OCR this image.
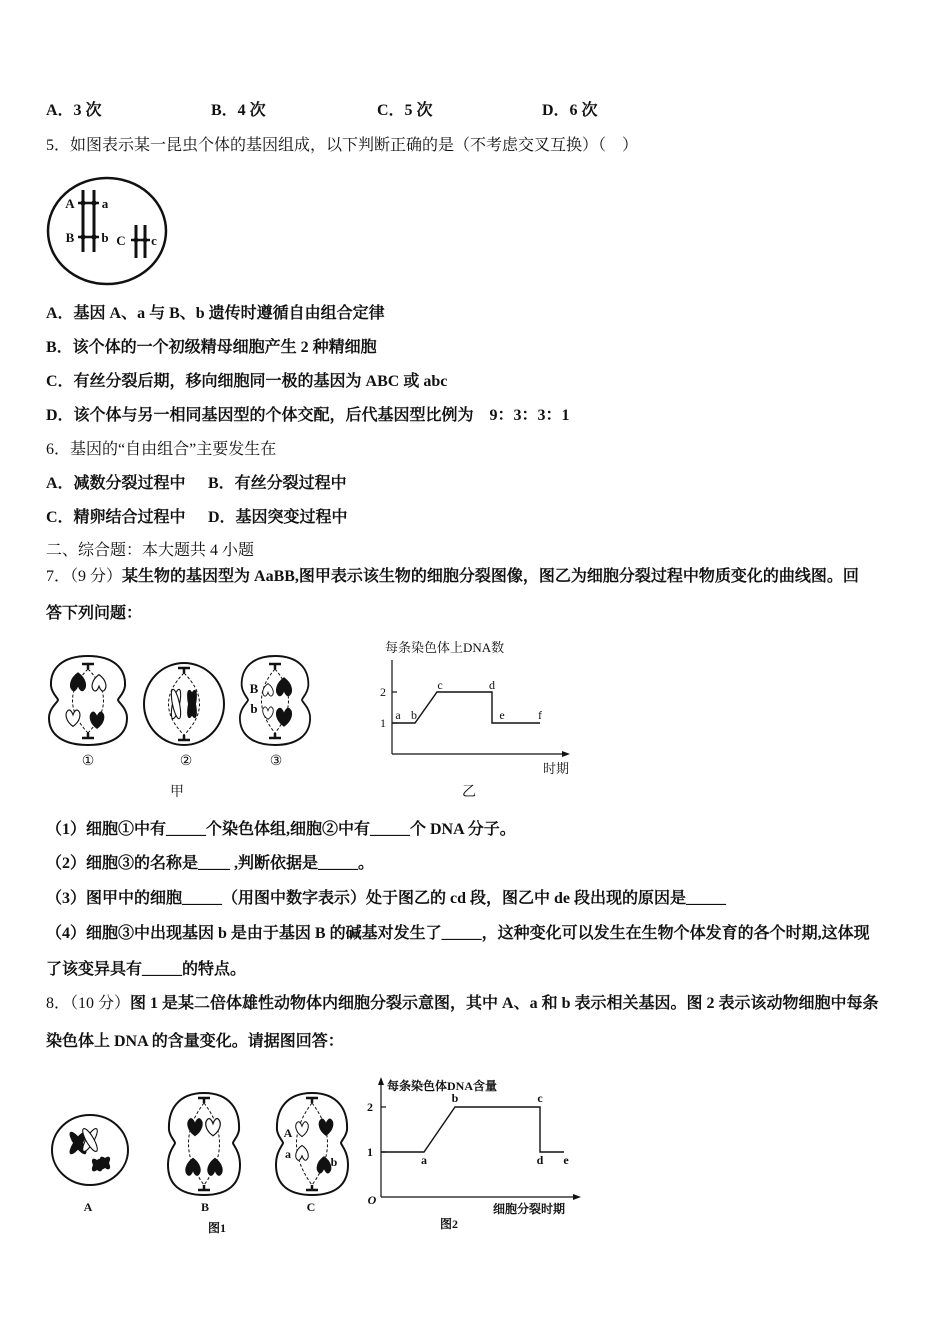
A．3 次	B．4 次	C．5 次	D．6 次
5．如图表示某一昆虫个体的基因组成，以下判断正确的是（不考虑交叉互换）（　）
A a
B b C c
A．基因 A、a 与 B、b 遗传时遵循自由组合定律
B．该个体的一个初级精母细胞产生 2 种精细胞
C．有丝分裂后期，移向细胞同一极的基因为 ABC 或 abc
D．该个体与另一相同基因型的个体交配，后代基因型比例为　9：3：3：1
6．基因的“自由组合”主要发生在
A．减数分裂过程中 B．有丝分裂过程中
C．精卵结合过程中 D．基因突变过程中
二、综合题：本大题共 4 小题
7．（9 分）某生物的基因型为 AaBB,图甲表示该生物的细胞分裂图像，图乙为细胞分裂过程中物质变化的曲线图。回
答下列问题：
B
b
①	②	③
甲
每条染色体上DNA数
时期
2
1
a b
c	d
e	f
乙
（1）细胞①中有_____个染色体组,细胞②中有_____个 DNA 分子。
（2）细胞③的名称是____ ,判断依据是_____。
（3）图甲中的细胞_____（用图中数字表示）处于图乙的 cd 段，图乙中 de 段出现的原因是_____
（4）细胞③中出现基因 b 是由于基因 B 的碱基对发生了_____，这种变化可以发生在生物个体发育的各个时期,这体现
了该变异具有_____的特点。
8．（10 分）图 1 是某二倍体雄性动物体内细胞分裂示意图，其中 A、a 和 b 表示相关基因。图 2 表示该动物细胞中每条
染色体上 DNA 的含量变化。请据图回答：
A
a
b
A	B	C
图1
每条染色体DNA含量
O
细胞分裂时期
图2
2
1
a
b	c
d e
